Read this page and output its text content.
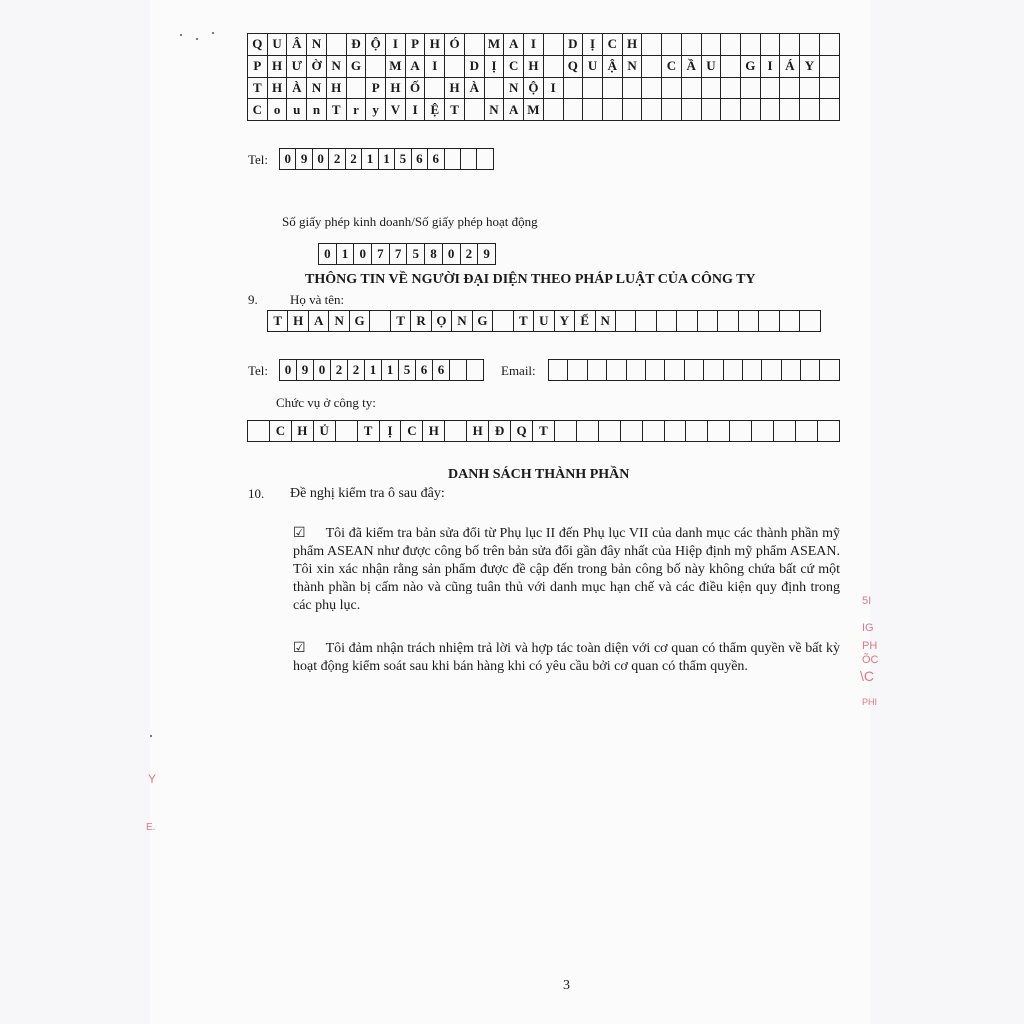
Q	U	Â	N		Đ	Ộ	I	P	H	Ó		M	A	I		D	Ị	C	H										
P	H	Ư	Ờ	N	G		M	A	I		D	Ị	C	H		Q	U	Ậ	N		C	Ầ	U		G	I	Á	Y	
T	H	À	N	H		P	H	Ố		H	À		N	Ộ	I														
C	o	u	n	T	r	y	V	I	Ệ	T		N	A	M															
Tel: 0	9	0	2	2	1	1	5	6	6			
Số giấy phép kinh doanh/Số giấy phép hoạt động
0	1	0	7	7	5	8	0	2	9
THÔNG TIN VỀ NGƯỜI ĐẠI DIỆN THEO PHÁP LUẬT CỦA CÔNG TY
9. Họ và tên:
T	H	A	N	G		T	R	Ọ	N	G		T	U	Y	Ế	N										
Tel: 0	9	0	2	2	1	1	5	6	6			Email:

Chức vụ ở công ty:
	C	H	Ủ		T	Ị	C	H		H	Đ	Q	T													
DANH SÁCH THÀNH PHẦN
10. Đề nghị kiểm tra ô sau đây:
☑ Tôi đã kiểm tra bản sửa đổi từ Phụ lục II đến Phụ lục VII của danh mục các thành phần mỹ phẩm ASEAN như được công bố trên bản sửa đổi gần đây nhất của Hiệp định mỹ phẩm ASEAN. Tôi xin xác nhận rằng sản phẩm được đề cập đến trong bản công bố này không chứa bất cứ một thành phần bị cấm nào và cũng tuân thủ với danh mục hạn chế và các điều kiện quy định trong các phụ lục.
☑ Tôi đảm nhận trách nhiệm trả lời và hợp tác toàn diện với cơ quan có thẩm quyền về bất kỳ hoạt động kiểm soát sau khi bán hàng khi có yêu cầu bởi cơ quan có thẩm quyền.
3
5I
IG
PH
ÕC
\C
PHI
Y
E.
